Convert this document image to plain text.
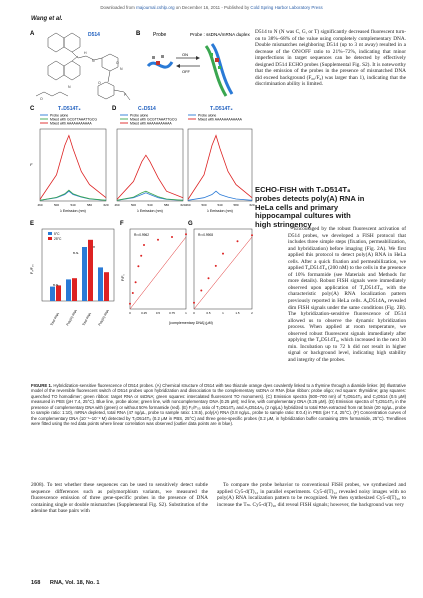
Downloaded from rnajournal.cshlp.org on December 16, 2011 - Published by Cold Spring Harbor Laboratory Press
Wang et al.
A
N	O
N
O
P
O
N
H
D514	B	Probe	Probe : ssDNA/mRNA duplex
ON
OFF
C	D
T₀D514T₈	C₂D514	T₀D514T₈
Probe alone
Mixed with GCGTTAAATTGCG
Mixed with AAAAAAAAAAA
Probe alone
Mixed with GCGTTAAATTGCG
Mixed with AAAAAAAAAAA
Probe alone
Mixed with AAAAAAAAAAAA
F
460	500	540	580	620
λ Emission (nm)
460	500	540	580	620
λ Emission (nm)
460	500	540	580	620
λ Emission (nm)
E
5°C
25°C
n.s.
*
n.s.
F₀/F₀₀
Total RNA Poly(A) RNA Total RNA Poly(A) RNA
F	G
R²=0.9962
F/F₀
0	0.25	0.5	0.75	1
R²=0.9908
0	0.5	1	1.5	2
[complementary DNA] (μM)
FIGURE 1. Hybridization-sensitive fluorescence of D514 probes. (A) Chemical structure of D514 with two thiazole orange dyes covalently linked to a thymine through a diamide linker. (B) Illustrative model of the reversible fluorescent switch of D514 probes upon hybridization and dissociation to the complementary ssDNA or RNA (blue ribbon: probe oligo; red square: thymidine; gray squares: quenched TO homodimer; green ribbon: target RNA or ssDNA; green squares: intercalated fluorescent TO monomers). (C) Emission spectra (500–700 nm) of T₀D514T₈ and C₂D514 (0.5 μM) measured in PBS (pH 7.4, 25°C). Blue line, probe alone; green line, with noncomplementary DNA (0.25 μM); red line, with complementary DNA (0.25 μM). (D) Emission spectra of T₀D514T₈ in the presence of complementary DNA with (green) or without 50% formamide (red). (E) F₀/F₀₀ ratio of T₀D514T₈ and A₀D514A₈ (2 ng/μL) hybridized to total RNA extracted from rat brain (20 ng/μL, probe to sample ratio: 1:10), mRNA depleted, total RNA (47 ng/μL, probe to sample ratio: 1:8.5), poly(A) RNA (0.8 ng/μL, probe to sample ratio: 8:0.4) in PBS (pH 7.4, 25°C). (F) Concentration curves of the complementary DNA (10⁻¹–10⁻² M) detected by T₀D514T₈ (0.2 μM in PBS, 25°C) and three gene-specific probes (0.2 μM, in hybridization buffer containing 25% formamide, 25°C). Trendlines were fitted using the red data points where linear correlation was observed (outlier data points are in blue).

D514 to N (N was C, G, or T) significantly decreased fluorescent turn-on to 38%–68% of the value using completely complementary DNA. Double mismatches neighboring D514 (up to 3 nt away) resulted in a decrease of the ON/OFF ratio to 21%–72%, indicating that minor imperfections in target sequences can be detected by effectively designed D514 ECHO probes (Supplemental Fig. S2). It is noteworthy that the emission of the probes in the presence of mismatched DNA did exceed background (F₀₀/F₀) was larger than 1), indicating that the discrimination ability is limited.

ECHO-FISH with T₀D514T₈ probes detects poly(A) RNA in HeLa cells and primary hippocampal cultures with high stringency

Encouraged by the robust fluorescent activation of D514 probes, we developed a FISH protocol that includes three simple steps (fixation, permeabilization, and hybridization) before imaging (Fig. 2A). We first applied this protocol to detect poly(A) RNA in HeLa cells. After a quick fixation and permeabilization, we applied T₀D514T₈ (200 nM) to the cells in the presence of 10% formamide (see Materials and Methods for more details). Robust FISH signals were immediately observed upon application of T₀D514T₈, with the characteristic poly(A) RNA localization pattern previously reported in HeLa cells. A₀D514A₈ revealed dim FISH signals under the same conditions (Fig. 2B). The hybridization-sensitive fluorescence of D514 allowed us to observe the dynamic hybridization process. When applied at room temperature, we observed robust fluorescent signals immediately after applying the T₀D514T₈, which increased in the next 30 min. Incubation up to 72 h did not result in higher signal or background level, indicating high stability and integrity of the probes.

2008). To test whether these sequences can be used to sensitively detect subtle sequence differences such as polymorphism variants, we measured the fluorescence emission of three gene-specific probes in the presence of DNA containing single or double mismatches (Supplemental Fig. S2). Substitution of the adenine that base pairs with

To compare the probe behavior to conventional FISH probes, we synthesized and applied Cy5-d(T)₁₂ in parallel experiments. Cy5-d(T)₁₂ revealed noisy images with no poly(A) RNA localization pattern to be recognized. We then synthesized Cy5-d(T)₂₀ to increase the Tₘ. Cy5-d(T)₂₀ did reveal FISH signals; however, the background was very

168 RNA, Vol. 18, No. 1
